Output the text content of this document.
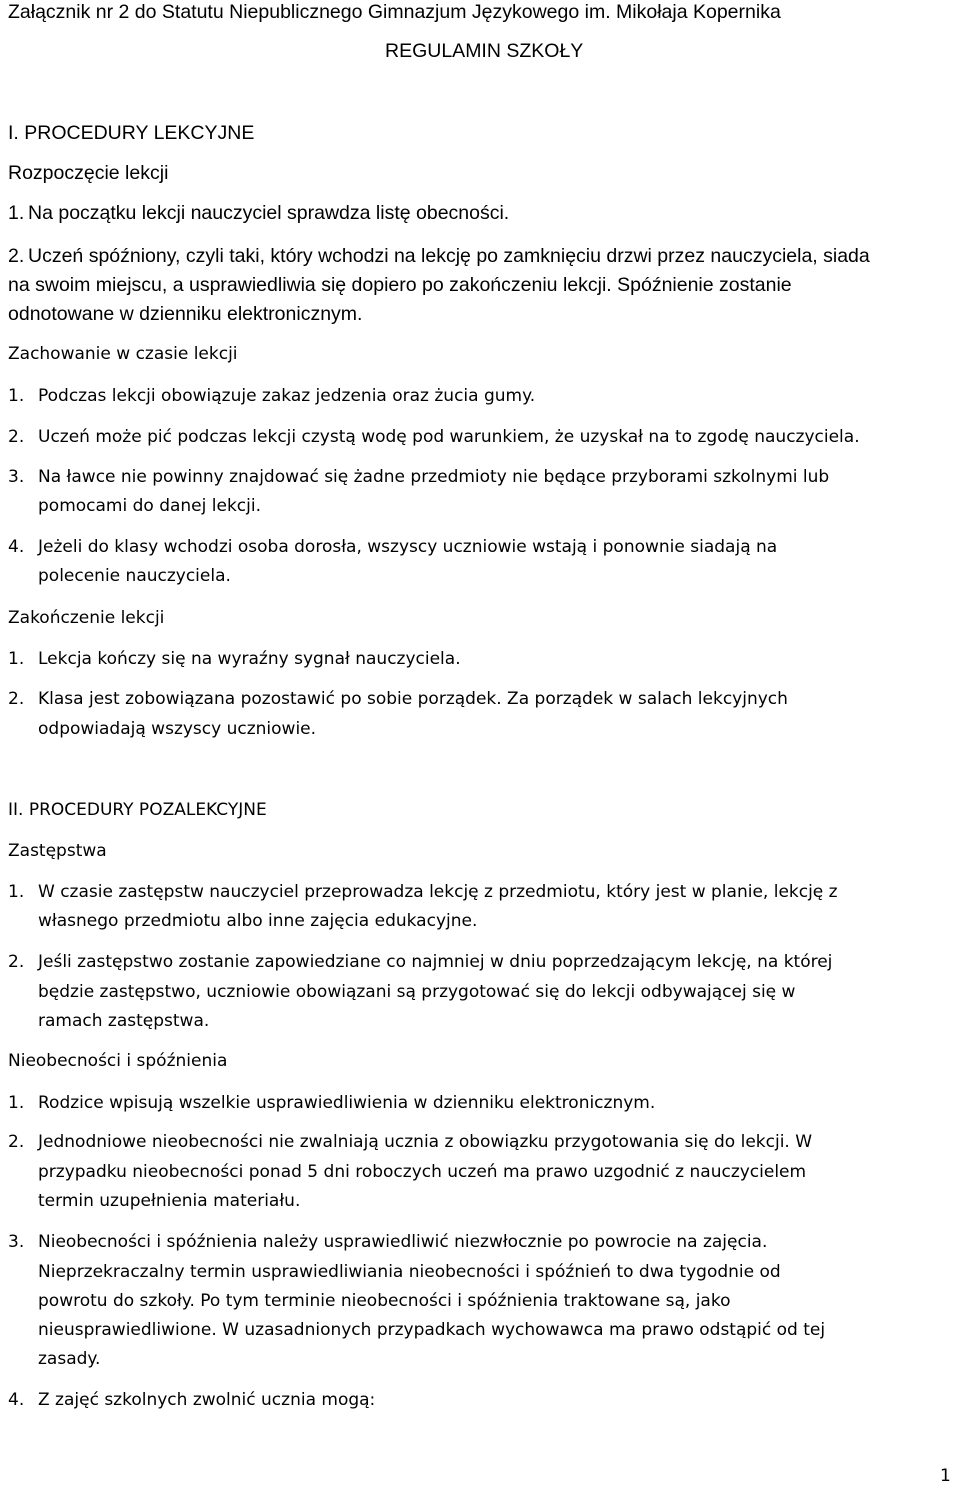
Załącznik nr 2 do Statutu Niepublicznego Gimnazjum Językowego im. Mikołaja Kopernika
REGULAMIN SZKOŁY
I. PROCEDURY LEKCYJNE
Rozpoczęcie lekcji
1. Na początku lekcji nauczyciel sprawdza listę obecności.
2. Uczeń spóźniony, czyli taki, który wchodzi na lekcję po zamknięciu drzwi przez nauczyciela, siada
na swoim miejscu, a usprawiedliwia się dopiero po zakończeniu lekcji. Spóźnienie zostanie
odnotowane w dzienniku elektronicznym.
Zachowanie w czasie lekcji
1. Podczas lekcji obowiązuje zakaz jedzenia oraz żucia gumy.
2. Uczeń może pić podczas lekcji czystą wodę pod warunkiem, że uzyskał na to zgodę nauczyciela.
3. Na ławce nie powinny znajdować się żadne przedmioty nie będące przyborami szkolnymi lub
pomocami do danej lekcji.
4. Jeżeli do klasy wchodzi osoba dorosła, wszyscy uczniowie wstają i ponownie siadają na
polecenie nauczyciela.
Zakończenie lekcji
1. Lekcja kończy się na wyraźny sygnał nauczyciela.
2. Klasa jest zobowiązana pozostawić po sobie porządek. Za porządek w salach lekcyjnych
odpowiadają wszyscy uczniowie.
II. PROCEDURY POZALEKCYJNE
Zastępstwa
1. W czasie zastępstw nauczyciel przeprowadza lekcję z przedmiotu, który jest w planie, lekcję z
własnego przedmiotu albo inne zajęcia edukacyjne.
2. Jeśli zastępstwo zostanie zapowiedziane co najmniej w dniu poprzedzającym lekcję, na której
będzie zastępstwo, uczniowie obowiązani są przygotować się do lekcji odbywającej się w
ramach zastępstwa.
Nieobecności i spóźnienia
1. Rodzice wpisują wszelkie usprawiedliwienia w dzienniku elektronicznym.
2. Jednodniowe nieobecności nie zwalniają ucznia z obowiązku przygotowania się do lekcji. W
przypadku nieobecności ponad 5 dni roboczych uczeń ma prawo uzgodnić z nauczycielem
termin uzupełnienia materiału.
3. Nieobecności i spóźnienia należy usprawiedliwić niezwłocznie po powrocie na zajęcia.
Nieprzekraczalny termin usprawiedliwiania nieobecności i spóźnień to dwa tygodnie od
powrotu do szkoły. Po tym terminie nieobecności i spóźnienia traktowane są, jako
nieusprawiedliwione. W uzasadnionych przypadkach wychowawca ma prawo odstąpić od tej
zasady.
4. Z zajęć szkolnych zwolnić ucznia mogą:
1
